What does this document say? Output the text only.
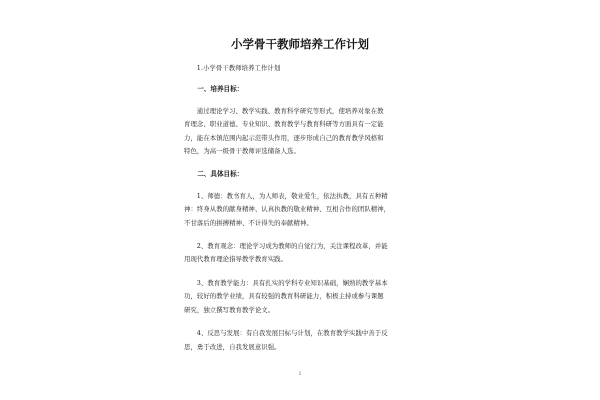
小学骨干教师培养工作计划

1.小学骨干教师培养工作计划

一、培养目标：

通过理论学习、教学实践、教育科学研究等形式，使培养对象在教

育理念、职业道德、专业知识、教育教学与教育科研等方面具有一定能

力，能在本镇范围内起示范带头作用，逐步形成自己的教育教学风格和

特色，为高一级骨干教师评选储备人选。

二、具体目标：

1、师德：教书育人，为人师表，敬业爱生，依法执教，具有五种精

神：终身从教的献身精神、认真执教的敬业精神、互相合作的团队精神，

不甘落后的拼搏精神、不计得失的奉献精神。

2、教育观念：理论学习成为教师的自觉行为，关注课程改革，并能

用现代教育理论指导教学教育实践。

3、教育教学能力：具有扎实的学科专业知识基础，娴熟的教学基本

功，较好的教学业绩，具有较强的教育科研能力，积极主持或参与课题

研究，独立撰写教育教学论文。

4、反思与发展：有自我发展目标与计划，在教育教学实践中善于反

思，勇于改进，自我发展意识强。

1
